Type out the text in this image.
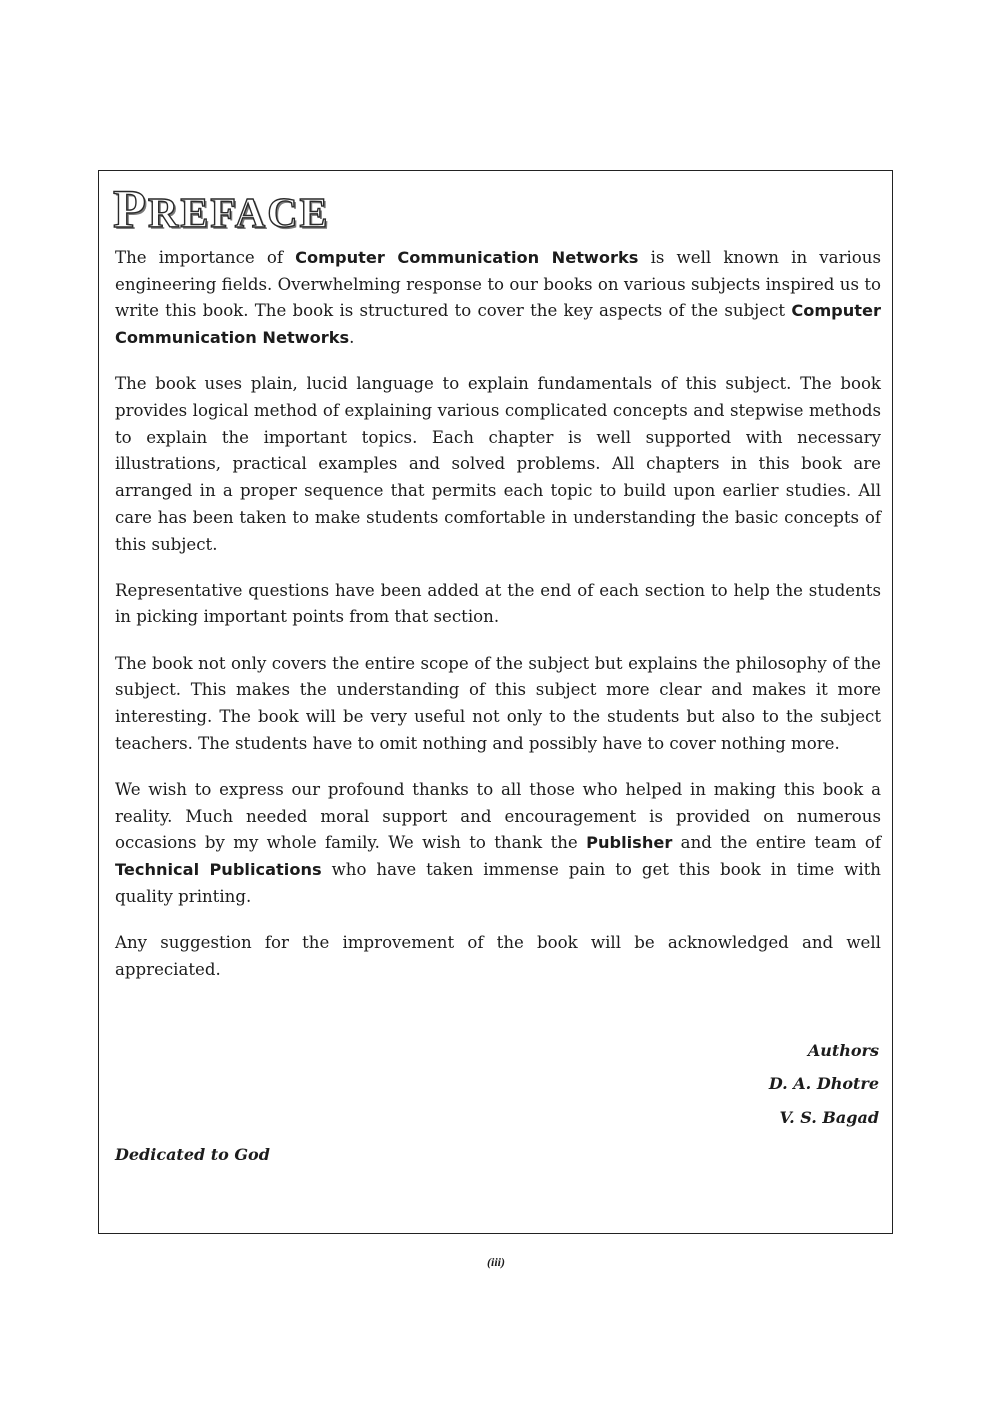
PREFACE

The importance of Computer Communication Networks is well known in various engineering fields. Overwhelming response to our books on various subjects inspired us to write this book. The book is structured to cover the key aspects of the subject Computer Communication Networks.

The book uses plain, lucid language to explain fundamentals of this subject. The book provides logical method of explaining various complicated concepts and stepwise methods to explain the important topics. Each chapter is well supported with necessary illustrations, practical examples and solved problems. All chapters in this book are arranged in a proper sequence that permits each topic to build upon earlier studies. All care has been taken to make students comfortable in understanding the basic concepts of this subject.

Representative questions have been added at the end of each section to help the students in picking important points from that section.

The book not only covers the entire scope of the subject but explains the philosophy of the subject. This makes the understanding of this subject more clear and makes it more interesting. The book will be very useful not only to the students but also to the subject teachers. The students have to omit nothing and possibly have to cover nothing more.

We wish to express our profound thanks to all those who helped in making this book a reality. Much needed moral support and encouragement is provided on numerous occasions by my whole family. We wish to thank the Publisher and the entire team of Technical Publications who have taken immense pain to get this book in time with quality printing.

Any suggestion for the improvement of the book will be acknowledged and well appreciated.

Authors
D. A. Dhotre
V. S. Bagad
Dedicated to God
(iii)
